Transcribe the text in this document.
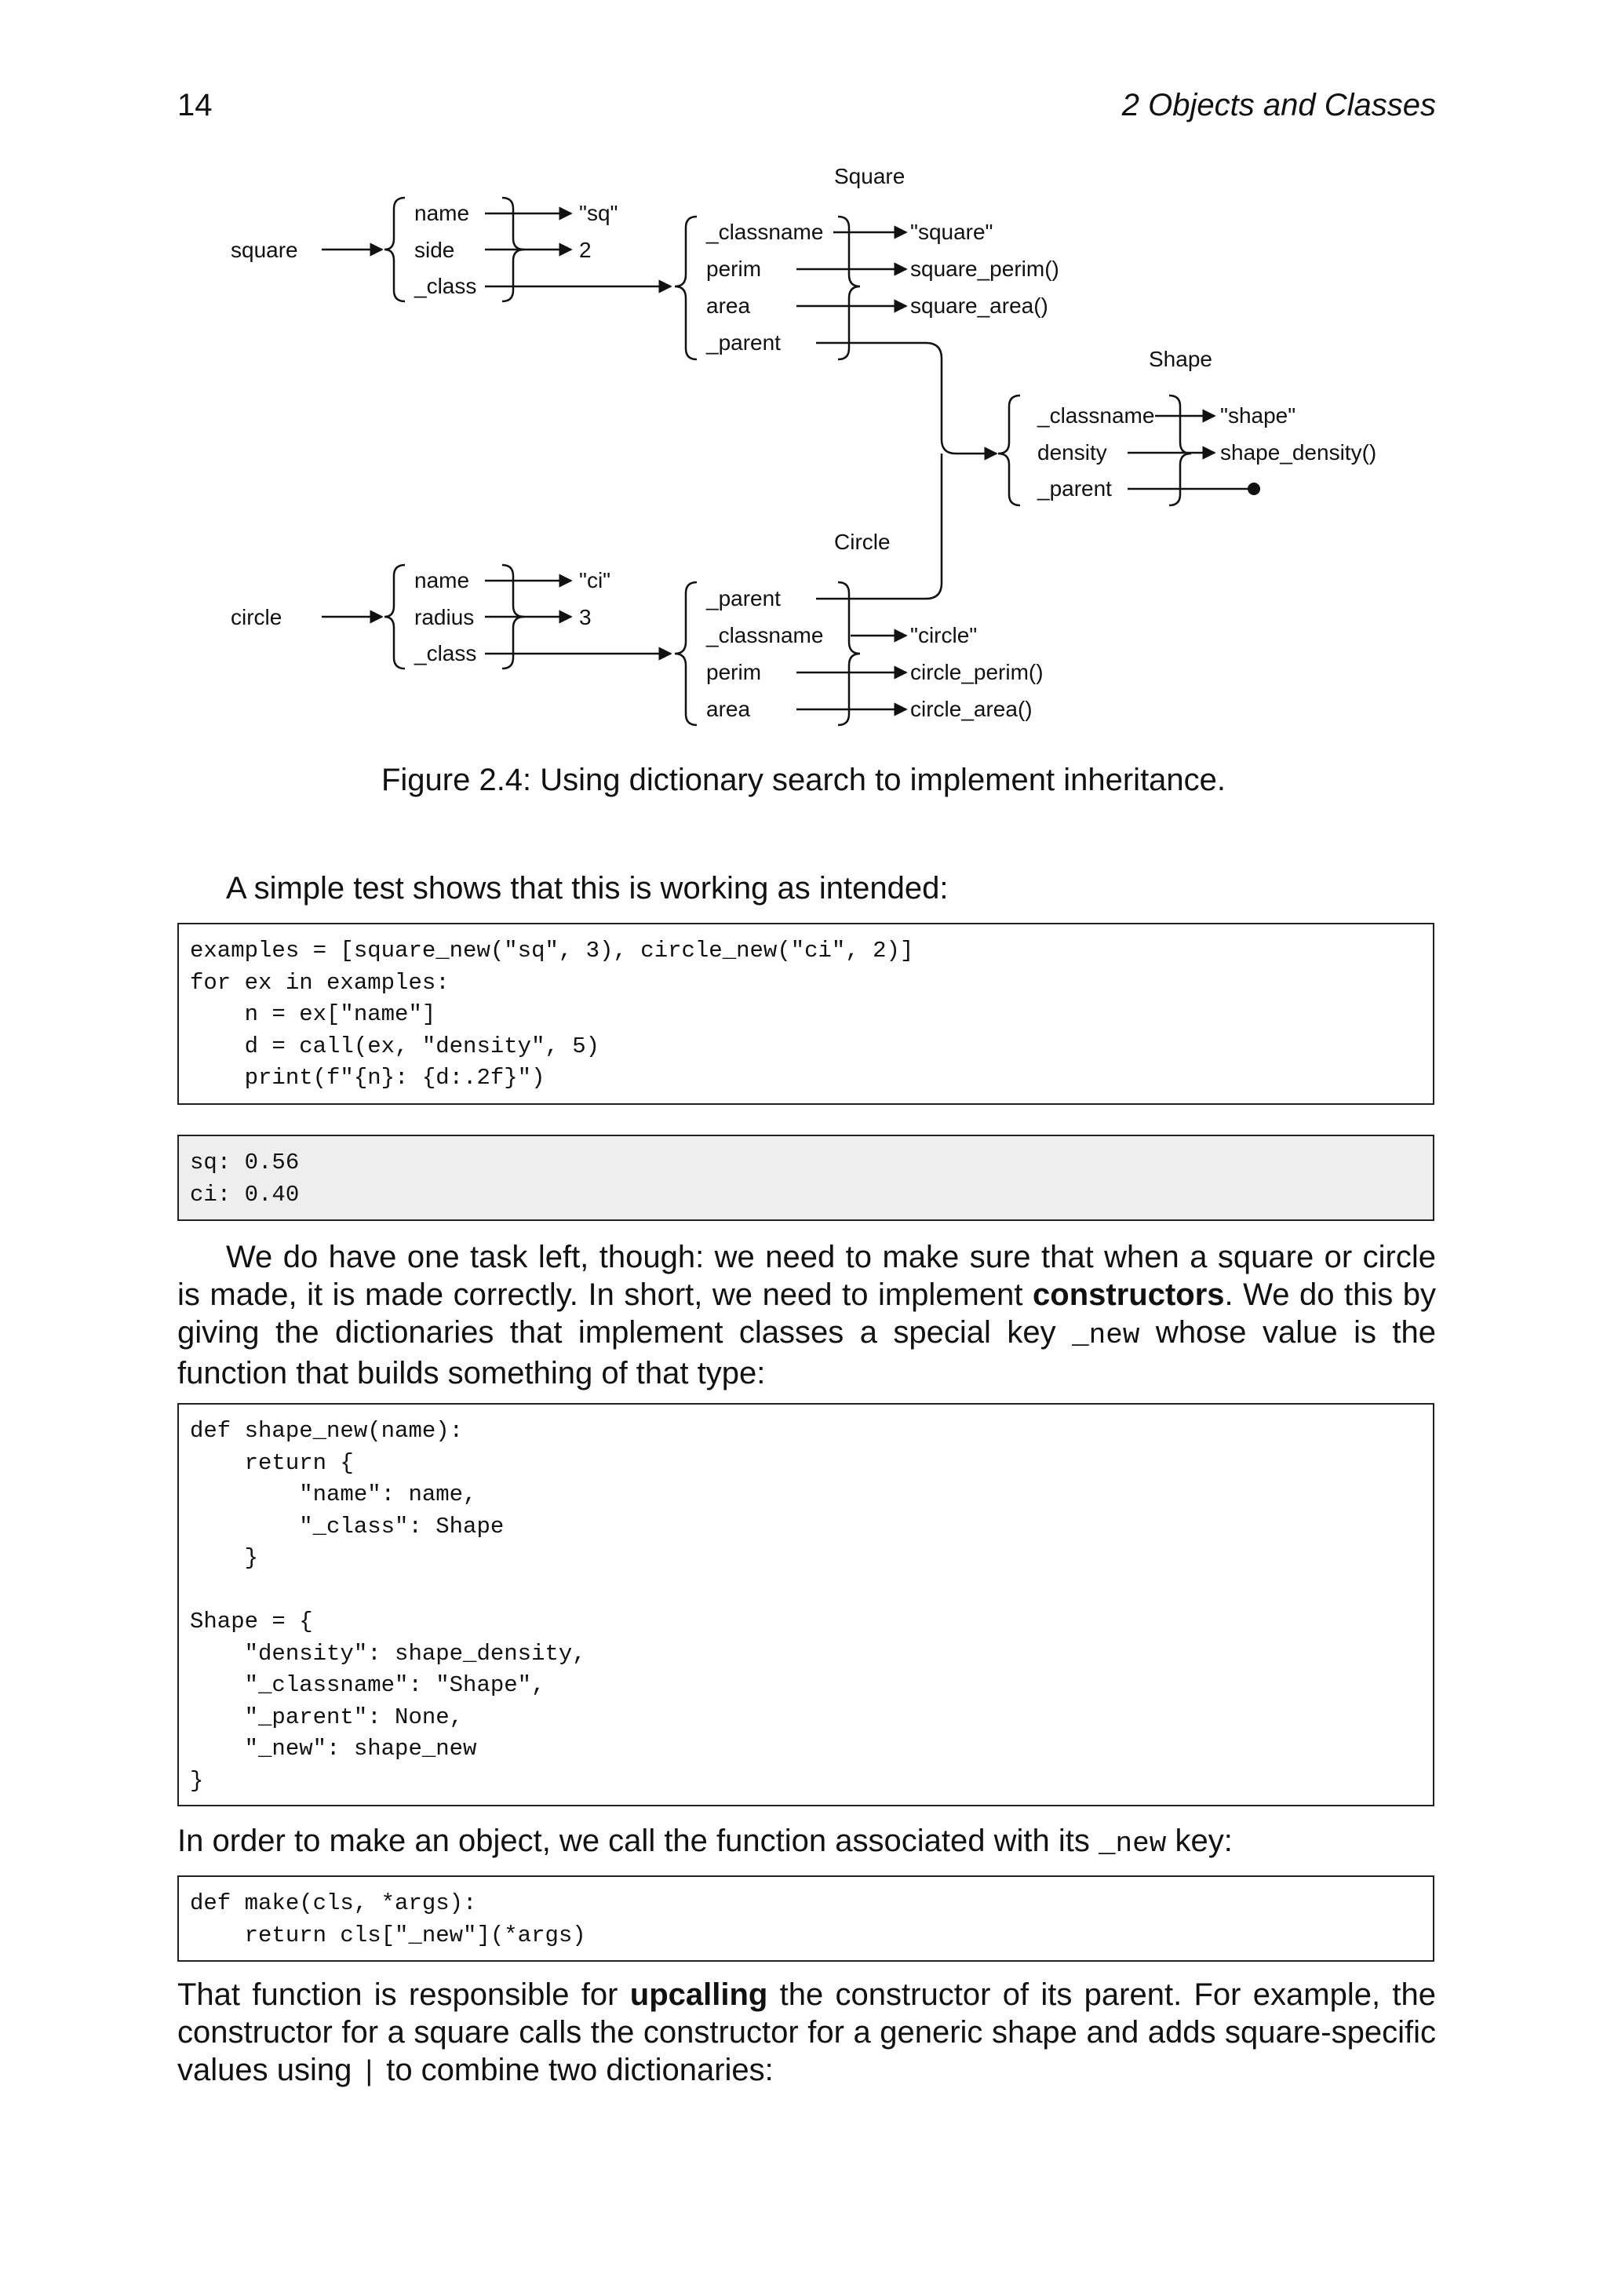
14	2 Objects and Classes
square
name
side
_class
"sq"
2
Square
_classname
perim
area
_parent
"square"
square_perim()
square_area()
Shape
_classname
density
_parent
"shape"
shape_density()
circle
name
radius
_class
"ci"
3
Circle
_parent
_classname
perim
area
"circle"
circle_perim()
circle_area()
Figure 2.4: Using dictionary search to implement inheritance.
A simple test shows that this is working as intended:
examples = [square_new("sq", 3), circle_new("ci", 2)]
for ex in examples:
n = ex["name"]
d = call(ex, "density", 5)
print(f"{n}: {d:.2f}")
sq: 0.56
ci: 0.40
We do have one task left, though: we need to make sure that when a square or circle is made, it is made correctly. In short, we need to implement constructors. We do this by giving the dictionaries that implement classes a special key _new whose value is the function that builds something of that type:
def shape_new(name):
return {
"name": name,
"_class": Shape
}
Shape = {
"density": shape_density,
"_classname": "Shape",
"_parent": None,
"_new": shape_new
}
In order to make an object, we call the function associated with its _new key:
def make(cls, *args):
return cls["_new"](*args)
That function is responsible for upcalling the constructor of its parent. For example, the constructor for a square calls the constructor for a generic shape and adds square-specific values using | to combine two dictionaries:
